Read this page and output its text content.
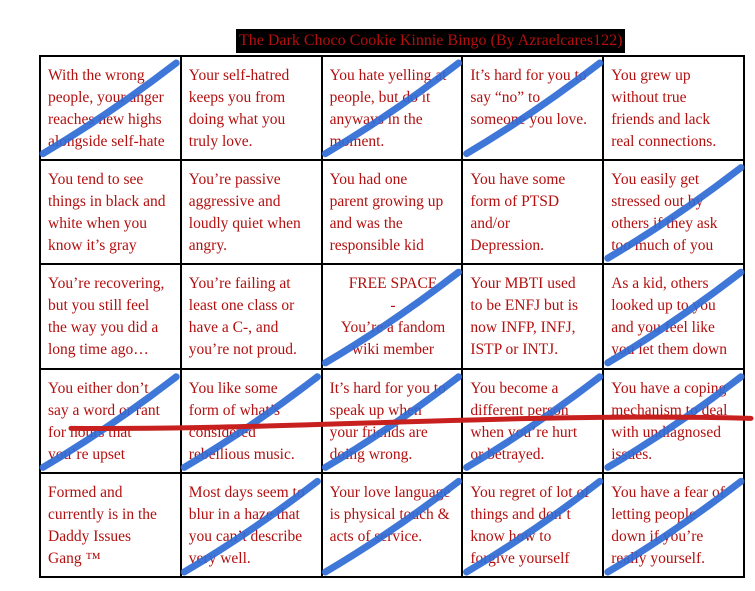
The Dark Choco Cookie Kinnie Bingo (By Azraelcares122)
With the wrong
people, your anger
reaches new highs
alongside self-hate
Your self-hatred
keeps you from
doing what you
truly love.
You hate yelling at
people, but do it
anyways in the
moment.
It’s hard for you to
say “no” to
someone you love.
You grew up
without true
friends and lack
real connections.
You tend to see
things in black and
white when you
know it’s gray
You’re passive
aggressive and
loudly quiet when
angry.
You had one
parent growing up
and was the
responsible kid
You have some
form of PTSD
and/or
Depression.
You easily get
stressed out by
others if they ask
too much of you
You’re recovering,
but you still feel
the way you did a
long time ago…
You’re failing at
least one class or
have a C-, and
you’re not proud.
FREE SPACE
-
You’re a fandom
wiki member
Your MBTI used
to be ENFJ but is
now INFP, INFJ,
ISTP or INTJ.
As a kid, others
looked up to you
and you feel like
you let them down
You either don’t
say a word or rant
for hours that
you’re upset
You like some
form of what’s
considered
rebellious music.
It’s hard for you to
speak up when
your friends are
doing wrong.
You become a
different person
when you’re hurt
or betrayed.
You have a coping
mechanism to deal
with undiagnosed
issues.
Formed and
currently is in the
Daddy Issues
Gang ™
Most days seem to
blur in a haze that
you can’t describe
very well.
Your love language
is physical touch &
acts of service.
You regret of lot of
things and don’t
know how to
forgive yourself
You have a fear of
letting people
down if you’re
really yourself.
